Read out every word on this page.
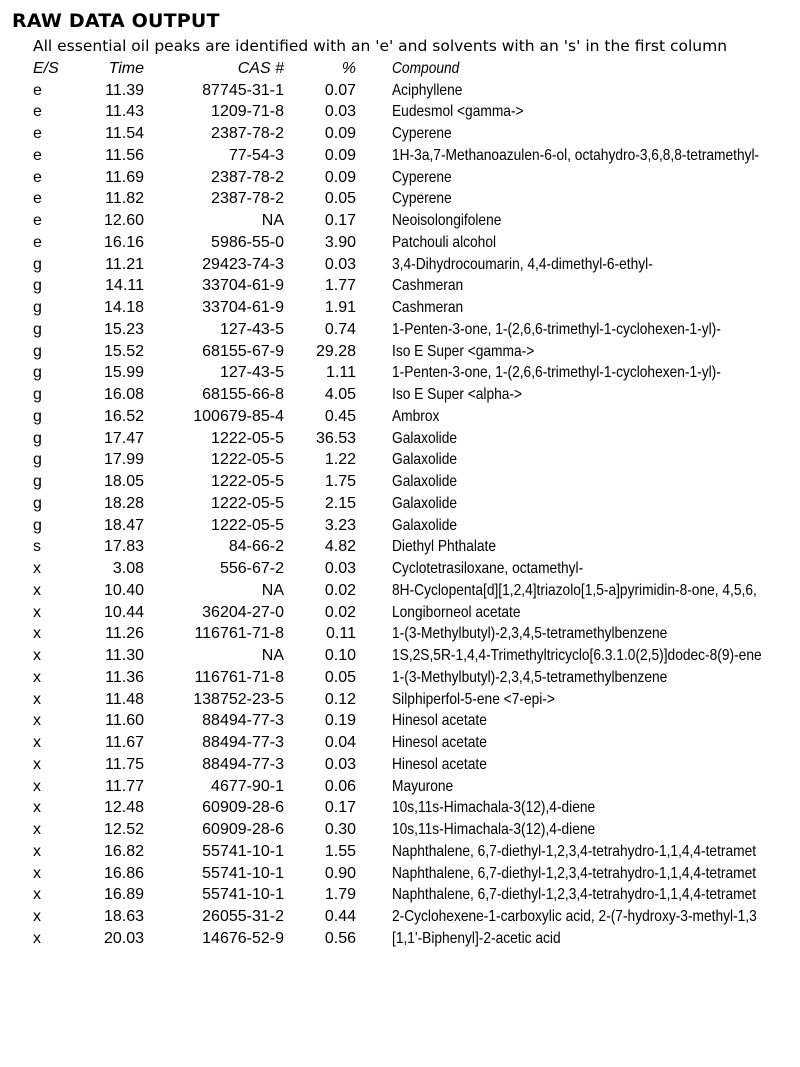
RAW DATA OUTPUT
All essential oil peaks are identified with an 'e' and solvents with an 's' in the first column
E/S	Time	CAS #	% Compound
e	11.39	87745-31-1	0.07 Aciphyllene
e	11.43	1209-71-8	0.03 Eudesmol <gamma->
e	11.54	2387-78-2	0.09 Cyperene
e	11.56	77-54-3	0.09 1H-3a,7-Methanoazulen-6-ol, octahydro-3,6,8,8-tetramethyl-
e	11.69	2387-78-2	0.09 Cyperene
e	11.82	2387-78-2	0.05 Cyperene
e	12.60	NA	0.17 Neoisolongifolene
e	16.16	5986-55-0	3.90 Patchouli alcohol
g	11.21	29423-74-3	0.03 3,4-Dihydrocoumarin, 4,4-dimethyl-6-ethyl-
g	14.11	33704-61-9	1.77 Cashmeran
g	14.18	33704-61-9	1.91 Cashmeran
g	15.23	127-43-5	0.74 1-Penten-3-one, 1-(2,6,6-trimethyl-1-cyclohexen-1-yl)-
g	15.52	68155-67-9	29.28 Iso E Super <gamma->
g	15.99	127-43-5	1.11 1-Penten-3-one, 1-(2,6,6-trimethyl-1-cyclohexen-1-yl)-
g	16.08	68155-66-8	4.05 Iso E Super <alpha->
g	16.52	100679-85-4	0.45 Ambrox
g	17.47	1222-05-5	36.53 Galaxolide
g	17.99	1222-05-5	1.22 Galaxolide
g	18.05	1222-05-5	1.75 Galaxolide
g	18.28	1222-05-5	2.15 Galaxolide
g	18.47	1222-05-5	3.23 Galaxolide
s	17.83	84-66-2	4.82 Diethyl Phthalate
x	3.08	556-67-2	0.03 Cyclotetrasiloxane, octamethyl-
x	10.40	NA	0.02 8H-Cyclopenta[d][1,2,4]triazolo[1,5-a]pyrimidin-8-one, 4,5,6,
x	10.44	36204-27-0	0.02 Longiborneol acetate
x	11.26	116761-71-8	0.11 1-(3-Methylbutyl)-2,3,4,5-tetramethylbenzene
x	11.30	NA	0.10 1S,2S,5R-1,4,4-Trimethyltricyclo[6.3.1.0(2,5)]dodec-8(9)-ene
x	11.36	116761-71-8	0.05 1-(3-Methylbutyl)-2,3,4,5-tetramethylbenzene
x	11.48	138752-23-5	0.12 Silphiperfol-5-ene <7-epi->
x	11.60	88494-77-3	0.19 Hinesol acetate
x	11.67	88494-77-3	0.04 Hinesol acetate
x	11.75	88494-77-3	0.03 Hinesol acetate
x	11.77	4677-90-1	0.06 Mayurone
x	12.48	60909-28-6	0.17 10s,11s-Himachala-3(12),4-diene
x	12.52	60909-28-6	0.30 10s,11s-Himachala-3(12),4-diene
x	16.82	55741-10-1	1.55 Naphthalene, 6,7-diethyl-1,2,3,4-tetrahydro-1,1,4,4-tetramet
x	16.86	55741-10-1	0.90 Naphthalene, 6,7-diethyl-1,2,3,4-tetrahydro-1,1,4,4-tetramet
x	16.89	55741-10-1	1.79 Naphthalene, 6,7-diethyl-1,2,3,4-tetrahydro-1,1,4,4-tetramet
x	18.63	26055-31-2	0.44 2-Cyclohexene-1-carboxylic acid, 2-(7-hydroxy-3-methyl-1,3
x	20.03	14676-52-9	0.56 [1,1'-Biphenyl]-2-acetic acid
